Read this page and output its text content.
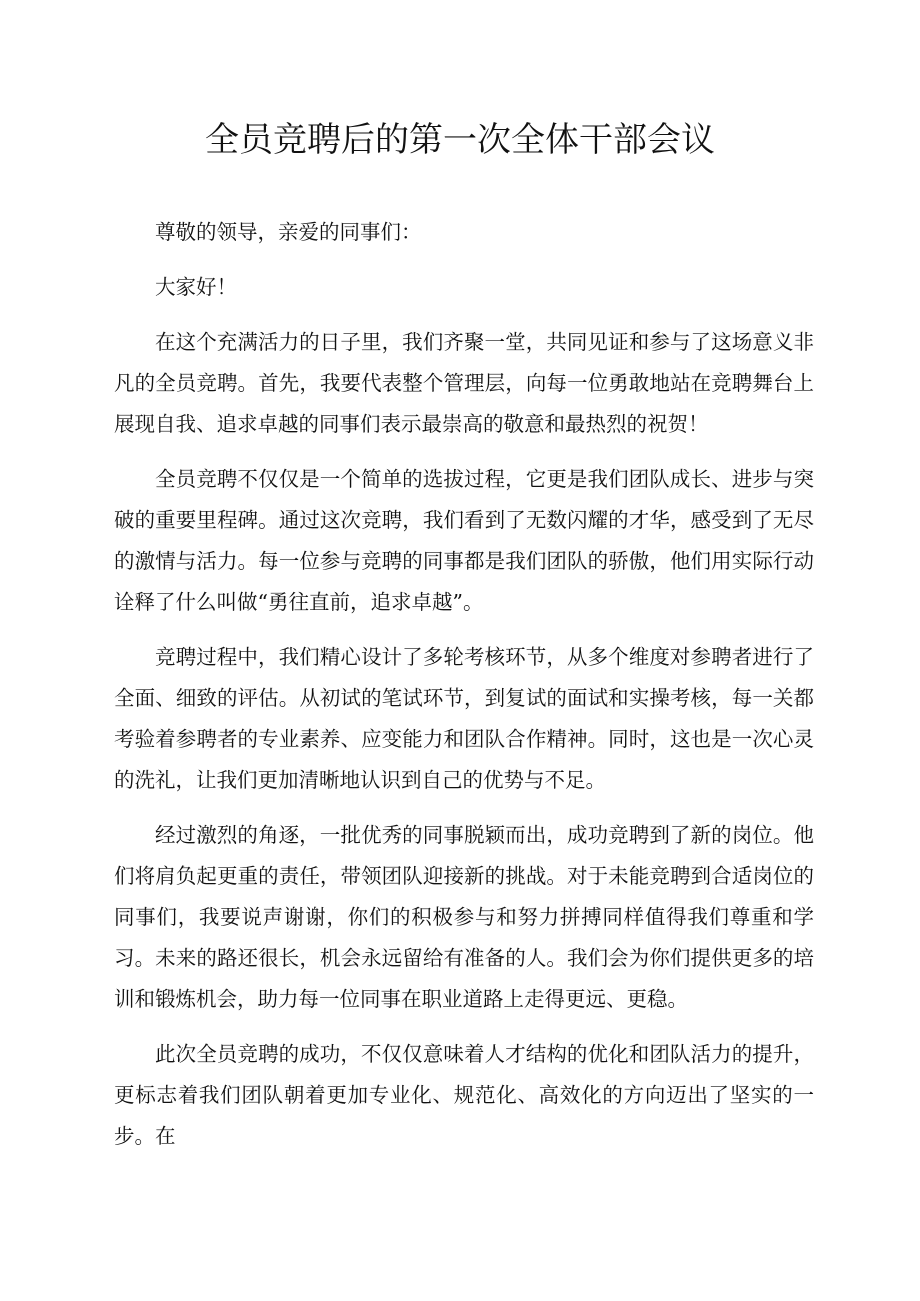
全员竞聘后的第一次全体干部会议

尊敬的领导，亲爱的同事们：

大家好！

在这个充满活力的日子里，我们齐聚一堂，共同见证和参与了这场意义非凡的全员竞聘。首先，我要代表整个管理层，向每一位勇敢地站在竞聘舞台上展现自我、追求卓越的同事们表示最崇高的敬意和最热烈的祝贺！

全员竞聘不仅仅是一个简单的选拔过程，它更是我们团队成长、进步与突破的重要里程碑。通过这次竞聘，我们看到了无数闪耀的才华，感受到了无尽的激情与活力。每一位参与竞聘的同事都是我们团队的骄傲，他们用实际行动诠释了什么叫做“勇往直前，追求卓越”。

竞聘过程中，我们精心设计了多轮考核环节，从多个维度对参聘者进行了全面、细致的评估。从初试的笔试环节，到复试的面试和实操考核，每一关都考验着参聘者的专业素养、应变能力和团队合作精神。同时，这也是一次心灵的洗礼，让我们更加清晰地认识到自己的优势与不足。

经过激烈的角逐，一批优秀的同事脱颖而出，成功竞聘到了新的岗位。他们将肩负起更重的责任，带领团队迎接新的挑战。对于未能竞聘到合适岗位的同事们，我要说声谢谢，你们的积极参与和努力拼搏同样值得我们尊重和学习。未来的路还很长，机会永远留给有准备的人。我们会为你们提供更多的培训和锻炼机会，助力每一位同事在职业道路上走得更远、更稳。

此次全员竞聘的成功，不仅仅意味着人才结构的优化和团队活力的提升，更标志着我们团队朝着更加专业化、规范化、高效化的方向迈出了坚实的一步。在
